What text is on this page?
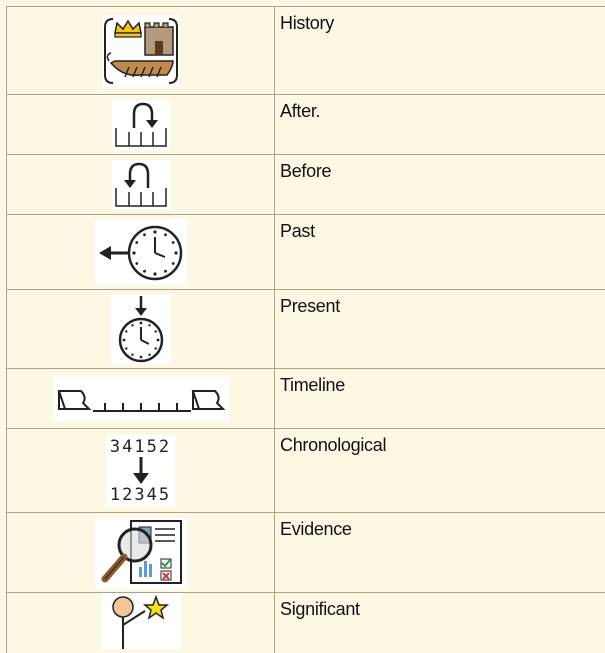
History
After.
Before
Past
Present
Timeline
34152
12345
Chronological
Evidence
Significant
